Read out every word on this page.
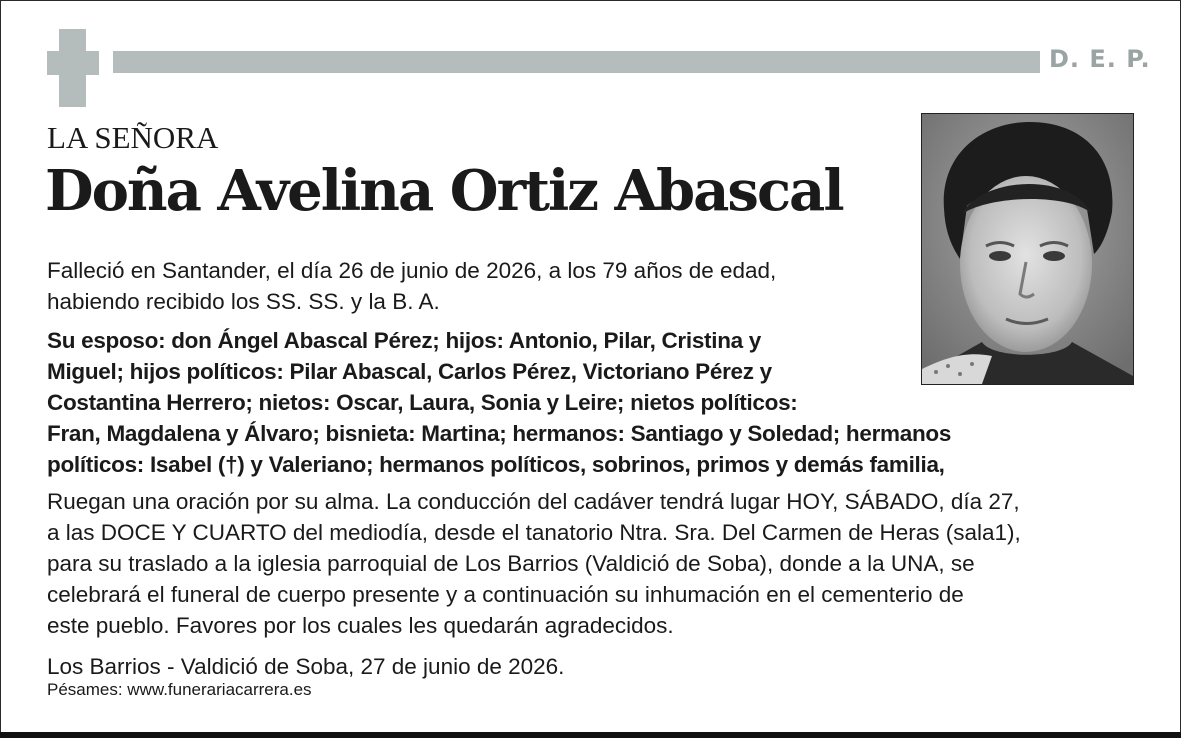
D. E. P.
LA SEÑORA
Doña Avelina Ortiz Abascal
Falleció en Santander, el día 26 de junio de 2026, a los 79 años de edad,
habiendo recibido los SS. SS. y la B. A.
Su esposo: don Ángel Abascal Pérez; hijos: Antonio, Pilar, Cristina y
Miguel; hijos políticos: Pilar Abascal, Carlos Pérez, Victoriano Pérez y
Costantina Herrero; nietos: Oscar, Laura, Sonia y Leire; nietos políticos:
Fran, Magdalena y Álvaro; bisnieta: Martina; hermanos: Santiago y Soledad; hermanos
políticos: Isabel (†) y Valeriano; hermanos políticos, sobrinos, primos y demás familia,
Ruegan una oración por su alma. La conducción del cadáver tendrá lugar HOY, SÁBADO, día 27,
a las DOCE Y CUARTO del mediodía, desde el tanatorio Ntra. Sra. Del Carmen de Heras (sala1),
para su traslado a la iglesia parroquial de Los Barrios (Valdició de Soba), donde a la UNA, se
celebrará el funeral de cuerpo presente y a continuación su inhumación en el cementerio de
este pueblo. Favores por los cuales les quedarán agradecidos.
Los Barrios - Valdició de Soba, 27 de junio de 2026.
Pésames: www.funerariacarrera.es
